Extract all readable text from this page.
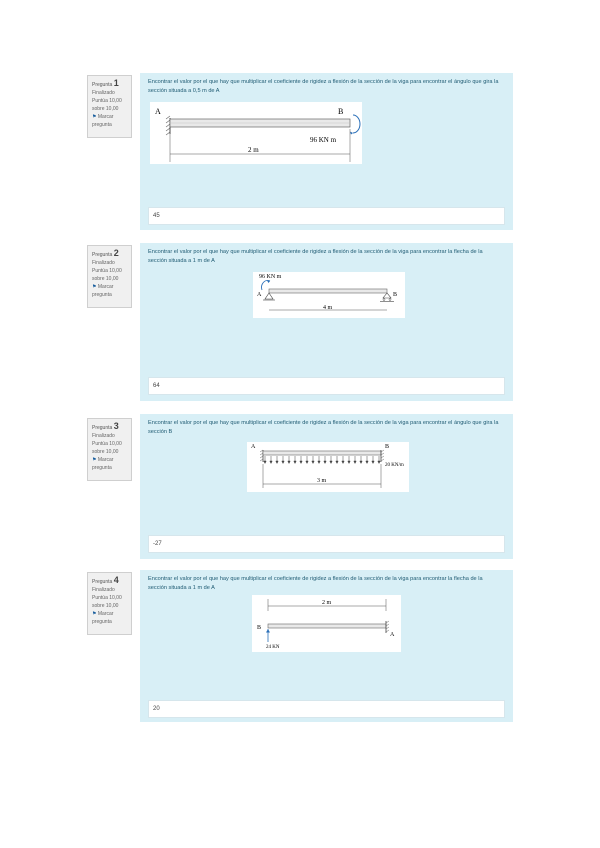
Pregunta 1
Finalizado
Puntúa 10,00
sobre 10,00
⚑ Marcar pregunta
Encontrar el valor por el que hay que multiplicar el coeficiente de rigidez a flexión de la sección de la viga para encontrar el ángulo que gira la sección situada a 0,5 m de A
A	B
96 KN m
2 m
45
Pregunta 2
Finalizado
Puntúa 10,00
sobre 10,00
⚑ Marcar pregunta
Encontrar el valor por el que hay que multiplicar el coeficiente de rigidez a flexión de la sección de la viga para encontrar la flecha de la sección situada a 1 m de A
96 KN m
A	B
4 m
64
Pregunta 3
Finalizado
Puntúa 10,00
sobre 10,00
⚑ Marcar pregunta
Encontrar el valor por el que hay que multiplicar el coeficiente de rigidez a flexión de la sección de la viga para encontrar el ángulo que gira la sección B
A	B
20 KN/m
3 m
-27
Pregunta 4
Finalizado
Puntúa 10,00
sobre 10,00
⚑ Marcar pregunta
Encontrar el valor por el que hay que multiplicar el coeficiente de rigidez a flexión de la sección de la viga para encontrar la flecha de la sección situada a 1 m de A
2 m
B
A
24 KN
20
